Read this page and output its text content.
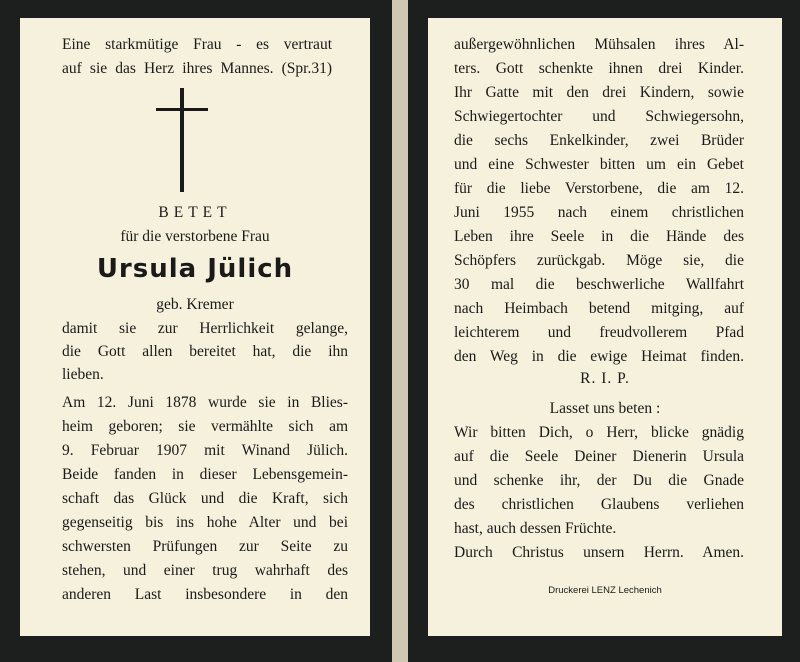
Eine starkmütige Frau - es vertraut
auf sie das Herz ihres Mannes. (Spr.31)
BETET
für die verstorbene Frau
Ursula Jülich
geb. Kremer
damit sie zur Herrlichkeit gelange,
die Gott allen bereitet hat, die ihn
lieben.
Am 12. Juni 1878 wurde sie in Blies-
heim geboren; sie vermählte sich am
9. Februar 1907 mit Winand Jülich.
Beide fanden in dieser Lebensgemein-
schaft das Glück und die Kraft, sich
gegenseitig bis ins hohe Alter und bei
schwersten Prüfungen zur Seite zu
stehen, und einer trug wahrhaft des
anderen Last insbesondere in den
außergewöhnlichen Mühsalen ihres Al-
ters. Gott schenkte ihnen drei Kinder.
Ihr Gatte mit den drei Kindern, sowie
Schwiegertochter und Schwiegersohn,
die sechs Enkelkinder, zwei Brüder
und eine Schwester bitten um ein Gebet
für die liebe Verstorbene, die am 12.
Juni 1955 nach einem christlichen
Leben ihre Seele in die Hände des
Schöpfers zurückgab. Möge sie, die
30 mal die beschwerliche Wallfahrt
nach Heimbach betend mitging, auf
leichterem und freudvollerem Pfad
den Weg in die ewige Heimat finden.
R. I. P.
Lasset uns beten :
Wir bitten Dich, o Herr, blicke gnädig
auf die Seele Deiner Dienerin Ursula
und schenke ihr, der Du die Gnade
des christlichen Glaubens verliehen
hast, auch dessen Früchte.
Durch Christus unsern Herrn. Amen.
Druckerei LENZ Lechenich
